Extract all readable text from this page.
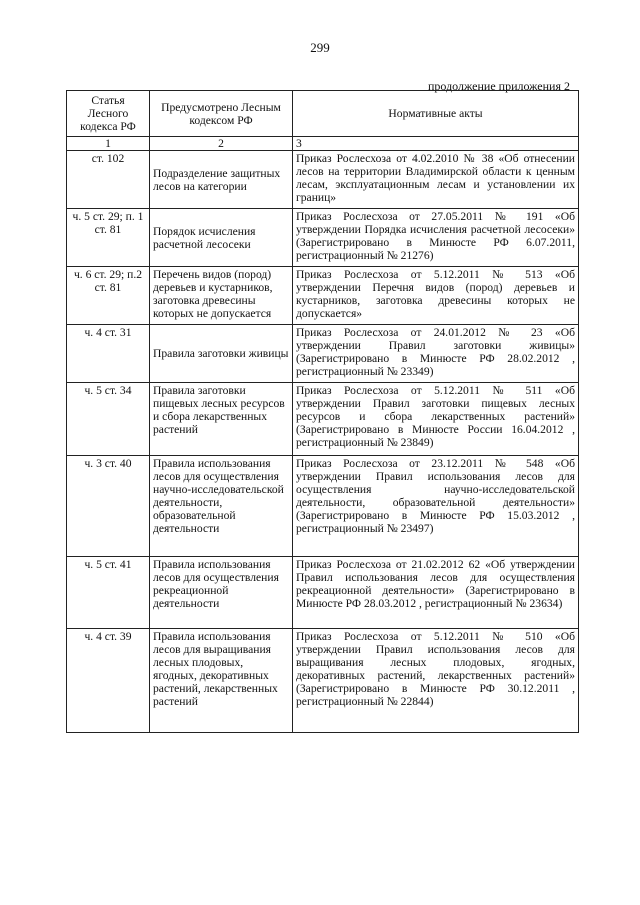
299
продолжение приложения 2
Статья Лесного кодекса РФ	Предусмотрено Лесным кодексом РФ	Нормативные акты
1	2	3
ст. 102	Подразделение защитных лесов на категории	Приказ Рослесхоза от 4.02.2010 № 38 «Об отнесении лесов на территории Владимирской области к ценным лесам, эксплуатационным лесам и установлении их границ»
ч. 5 ст. 29; п. 1 ст. 81	Порядок исчисления расчетной лесосеки	Приказ Рослесхоза от 27.05.2011 № 191 «Об утверждении Порядка исчисления расчетной лесосеки» (Зарегистрировано в Минюсте РФ 6.07.2011, регистрационный № 21276)
ч. 6 ст. 29; п.2 ст. 81	Перечень видов (пород) деревьев и кустарников, заготовка древесины которых не допускается	Приказ Рослесхоза от 5.12.2011 № 513 «Об утверждении Перечня видов (пород) деревьев и кустарников, заготовка древесины которых не допускается»
ч. 4 ст. 31	Правила заготовки живицы	Приказ Рослесхоза от 24.01.2012 № 23 «Об утверждении Правил заготовки живицы» (Зарегистрировано в Минюсте РФ 28.02.2012 , регистрационный № 23349)
ч. 5 ст. 34	Правила заготовки пищевых лесных ресурсов и сбора лекарственных растений	Приказ Рослесхоза от 5.12.2011 № 511 «Об утверждении Правил заготовки пищевых лесных ресурсов и сбора лекарственных растений» (Зарегистрировано в Минюсте России 16.04.2012 , регистрационный № 23849)
ч. 3 ст. 40	Правила использования лесов для осуществления научно-исследовательской деятельности, образовательной деятельности	Приказ Рослесхоза от 23.12.2011 № 548 «Об утверждении Правил использования лесов для осуществления научно-исследовательской деятельности, образовательной деятельности» (Зарегистрировано в Минюсте РФ 15.03.2012 , регистрационный № 23497)
ч. 5 ст. 41	Правила использования лесов для осуществления рекреационной деятельности	Приказ Рослесхоза от 21.02.2012 62 «Об утверждении Правил использования лесов для осуществления рекреационной деятельности» (Зарегистрировано в Минюсте РФ 28.03.2012 , регистрационный № 23634)
ч. 4 ст. 39	Правила использования лесов для выращивания лесных плодовых, ягодных, декоративных растений, лекарственных растений	Приказ Рослесхоза от 5.12.2011 № 510 «Об утверждении Правил использования лесов для выращивания лесных плодовых, ягодных, декоративных растений, лекарственных растений» (Зарегистрировано в Минюсте РФ 30.12.2011 , регистрационный № 22844)
